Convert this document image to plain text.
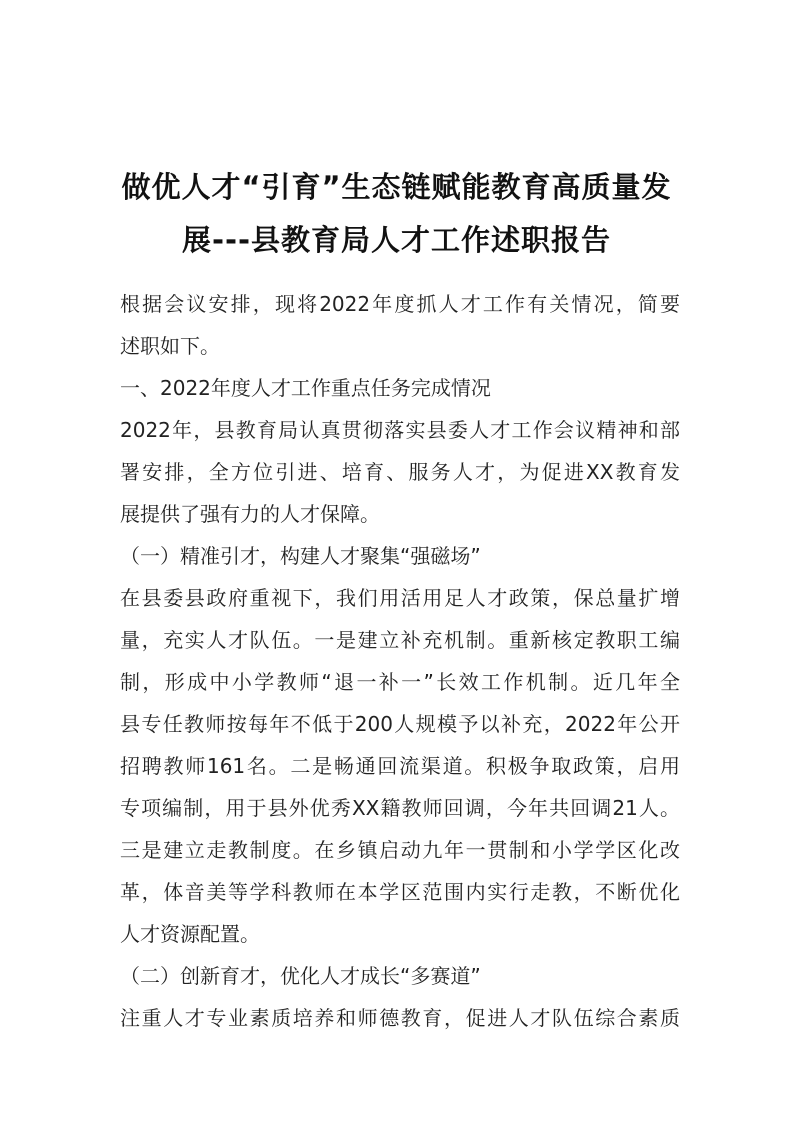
做优人才“引育”生态链赋能教育高质量发
展---县教育局人才工作述职报告

根据会议安排，现将2022年度抓人才工作有关情况，简要

述职如下。

一、2022年度人才工作重点任务完成情况

2022年，县教育局认真贯彻落实县委人才工作会议精神和部

署安排，全方位引进、培育、服务人才，为促进XX教育发

展提供了强有力的人才保障。

（一）精准引才，构建人才聚集“强磁场”

在县委县政府重视下，我们用活用足人才政策，保总量扩增

量，充实人才队伍。一是建立补充机制。重新核定教职工编

制，形成中小学教师“退一补一”长效工作机制。近几年全

县专任教师按每年不低于200人规模予以补充，2022年公开

招聘教师161名。二是畅通回流渠道。积极争取政策，启用

专项编制，用于县外优秀XX籍教师回调，今年共回调21人。

三是建立走教制度。在乡镇启动九年一贯制和小学学区化改

革，体音美等学科教师在本学区范围内实行走教，不断优化

人才资源配置。

（二）创新育才，优化人才成长“多赛道”

注重人才专业素质培养和师德教育，促进人才队伍综合素质
